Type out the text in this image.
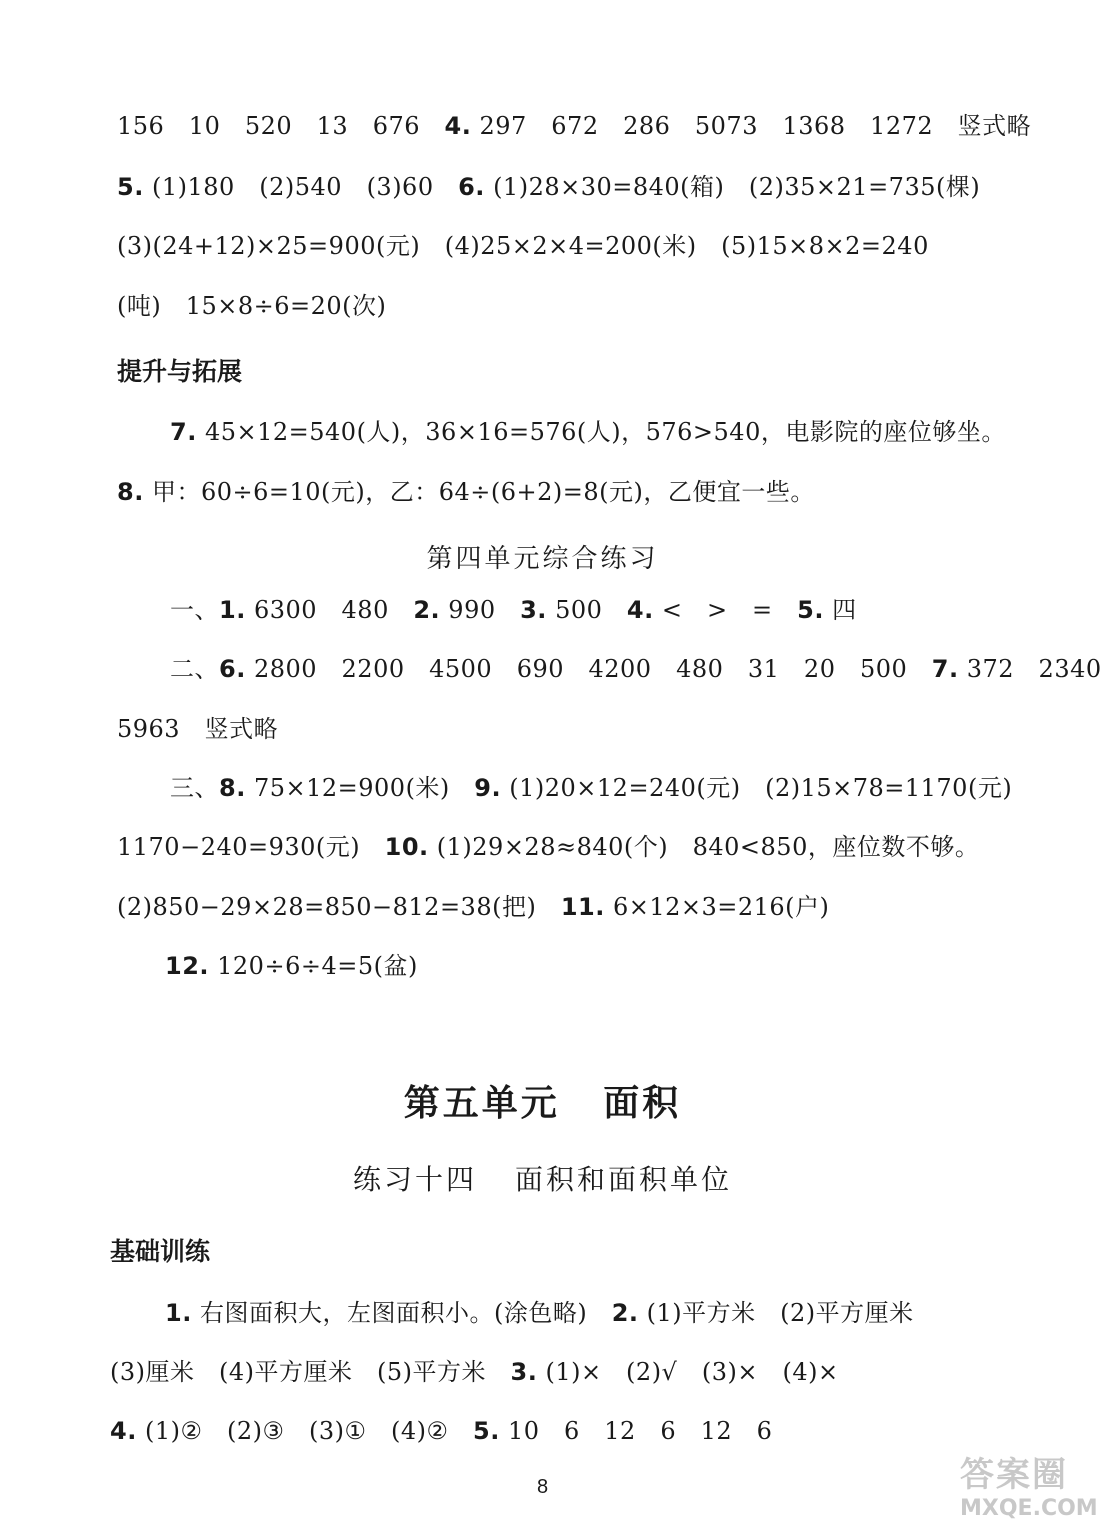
156　10　520　13　676　4. 297　672　286　5073　1368　1272　竖式略
5. (1)180　(2)540　(3)60　6. (1)28×30=840(箱)　(2)35×21=735(棵)
(3)(24+12)×25=900(元)　(4)25×2×4=200(米)　(5)15×8×2=240
(吨)　15×8÷6=20(次)
提升与拓展
7. 45×12=540(人)，36×16=576(人)，576>540，电影院的座位够坐。
8. 甲：60÷6=10(元)，乙：64÷(6+2)=8(元)，乙便宜一些。
第四单元综合练习
一、1. 6300　480　2. 990　3. 500　4. <　>　=　5. 四
二、6. 2800　2200　4500　690　4200　480　31　20　500　7. 372　2340
5963　竖式略
三、8. 75×12=900(米)　9. (1)20×12=240(元)　(2)15×78=1170(元)
1170−240=930(元)　10. (1)29×28≈840(个)　840<850，座位数不够。
(2)850−29×28=850−812=38(把)　11. 6×12×3=216(户)
12. 120÷6÷4=5(盆)
第五单元 面积
练习十四 面积和面积单位
基础训练
1. 右图面积大，左图面积小。(涂色略)　2. (1)平方米　(2)平方厘米
(3)厘米　(4)平方厘米　(5)平方米　3. (1)×　(2)√　(3)×　(4)×
4. (1)②　(2)③　(3)①　(4)②　5. 10　6　12　6　12　6
8	答案圈
MXQE.COM
